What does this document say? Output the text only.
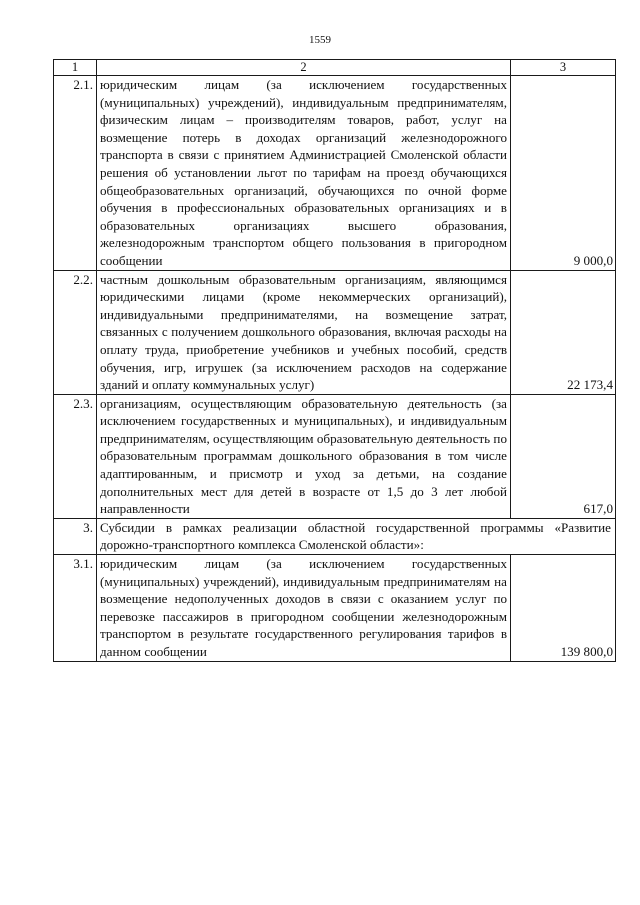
1559
1	2	3
2.1.	юридическим лицам (за исключением государственных (муниципальных) учреждений), индивидуальным предпринимателям, физическим лицам – производителям товаров, работ, услуг на возмещение потерь в доходах организаций железнодорожного транспорта в связи с принятием Администрацией Смоленской области решения об установлении льгот по тарифам на проезд обучающихся общеобразовательных организаций, обучающихся по очной форме обучения в профессиональных образовательных организациях и в образовательных организациях высшего образования, железнодорожным транспортом общего пользования в пригородном сообщении	9 000,0
2.2.	частным дошкольным образовательным организациям, являющимся юридическими лицами (кроме некоммерческих организаций), индивидуальными предпринимателями, на возмещение затрат, связанных с получением дошкольного образования, включая расходы на оплату труда, приобретение учебников и учебных пособий, средств обучения, игр, игрушек (за исключением расходов на содержание зданий и оплату коммунальных услуг)	22 173,4
2.3.	организациям, осуществляющим образовательную деятельность (за исключением государственных и муниципальных), и индивидуальным предпринимателям, осуществляющим образовательную деятельность по образовательным программам дошкольного образования в том числе адаптированным, и присмотр и уход за детьми, на создание дополнительных мест для детей в возрасте от 1,5 до 3 лет любой направленности	617,0
3.	Субсидии в рамках реализации областной государственной программы «Развитие дорожно-транспортного комплекса Смоленской области»:	
3.1.	юридическим лицам (за исключением государственных (муниципальных) учреждений), индивидуальным предпринимателям на возмещение недополученных доходов в связи с оказанием услуг по перевозке пассажиров в пригородном сообщении железнодорожным транспортом в результате государственного регулирования тарифов в данном сообщении	139 800,0
